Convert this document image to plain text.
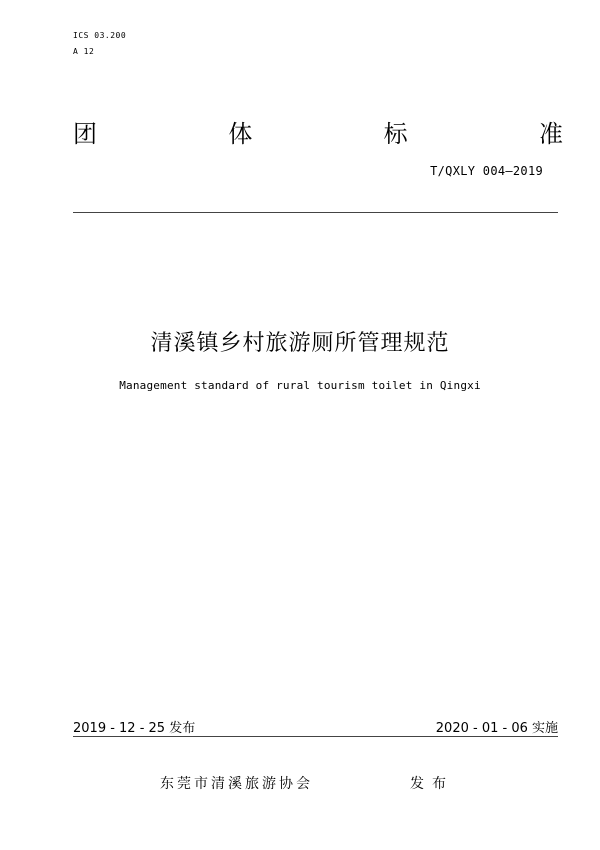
ICS 03.200
A 12
团	体	标	准
T/QXLY 004—2019
清溪镇乡村旅游厕所管理规范
Management standard of rural tourism toilet in Qingxi
2019 - 12 - 25 发布	2020 - 01 - 06 实施
东莞市清溪旅游协会	发布
